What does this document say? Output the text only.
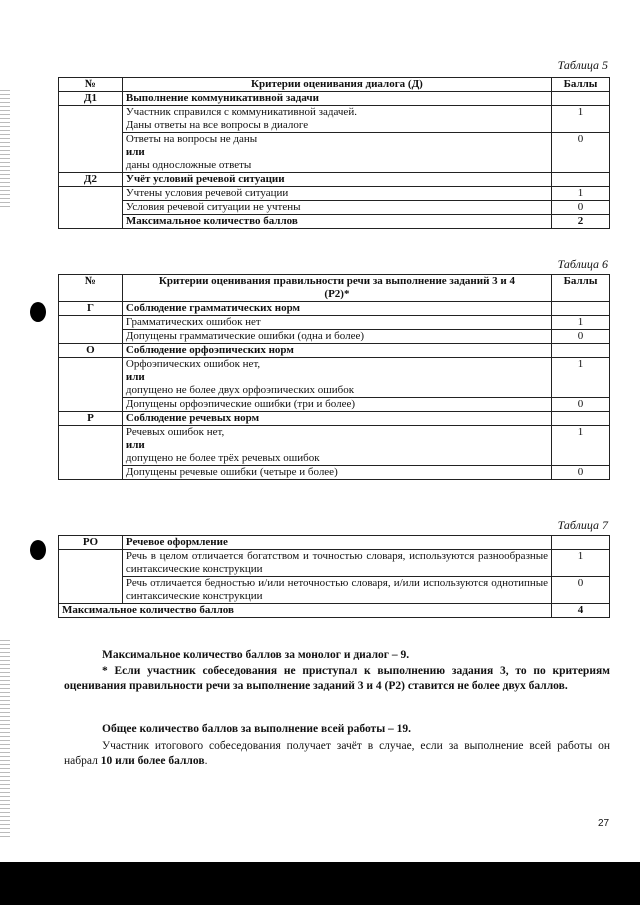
Таблица 5
№	Критерии оценивания диалога (Д)	Баллы
Д1	Выполнение коммуникативной задачи	

	Участник справился с коммуникативной задачей.
Даны ответы на все вопросы в диалоге	1

	Ответы на вопросы не даны
или
даны односложные ответы	0
Д2	Учёт условий речевой ситуации	
	Учтены условия речевой ситуации	1
	Условия речевой ситуации не учтены	0
	Максимальное количество баллов	2
Таблица 6
№	Критерии оценивания правильности речи за выполнение заданий 3 и 4 (Р2)*	Баллы
Г	Соблюдение грамматических норм	
	Грамматических ошибок нет	1
	Допущены грамматические ошибки (одна и более)	0
О	Соблюдение орфоэпических норм	

	Орфоэпических ошибок нет,
или
допущено не более двух орфоэпических ошибок	1
	Допущены орфоэпические ошибки (три и более)	0
Р	Соблюдение речевых норм	

	Речевых ошибок нет,
или
допущено не более трёх речевых ошибок	1
	Допущены речевые ошибки (четыре и более)	0
Таблица 7
РО	Речевое оформление	
	Речь в целом отличается богатством и точностью словаря, используются разнообразные синтаксические конструкции	1
	Речь отличается бедностью и/или неточностью словаря, и/или используются однотипные синтаксические конструкции	0
Максимальное количество баллов		4
Максимальное количество баллов за монолог и диалог – 9.
* Если участник собеседования не приступал к выполнению задания 3, то по критериям оценивания правильности речи за выполнение заданий 3 и 4 (Р2) ставится не более двух баллов.
Общее количество баллов за выполнение всей работы – 19.
Участник итогового собеседования получает зачёт в случае, если за выполнение всей работы он набрал 10 или более баллов.
27
